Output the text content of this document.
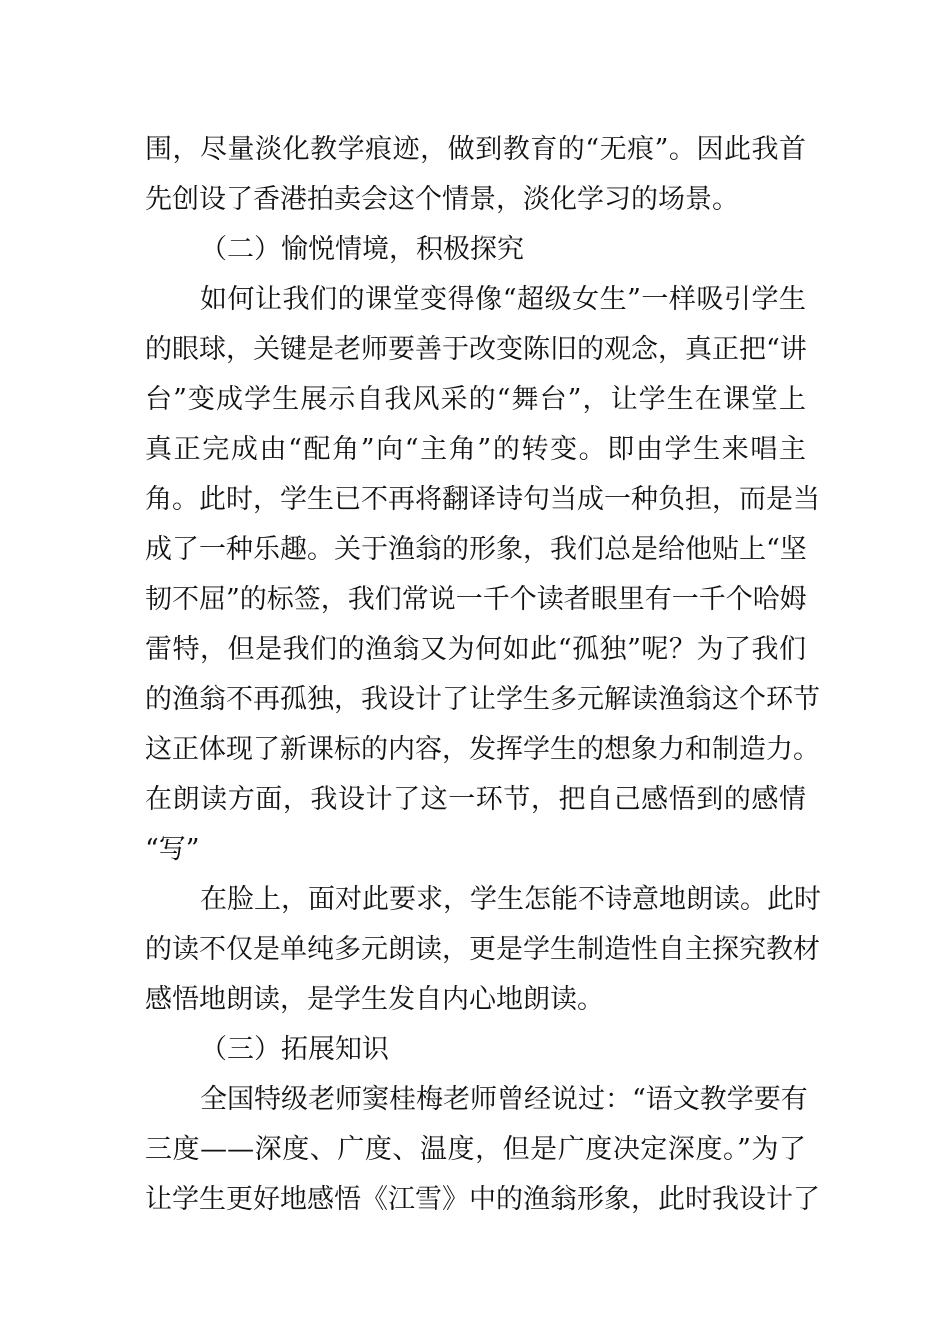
围，尽量淡化教学痕迹，做到教育的“无痕”。因此我首
先创设了香港拍卖会这个情景，淡化学习的场景。
（二）愉悦情境，积极探究
如何让我们的课堂变得像“超级女生”一样吸引学生
的眼球，关键是老师要善于改变陈旧的观念，真正把“讲
台”变成学生展示自我风采的“舞台”，让学生在课堂上
真正完成由“配角”向“主角”的转变。即由学生来唱主
角。此时，学生已不再将翻译诗句当成一种负担，而是当
成了一种乐趣。关于渔翁的形象，我们总是给他贴上“坚
韧不屈”的标签，我们常说一千个读者眼里有一千个哈姆
雷特，但是我们的渔翁又为何如此“孤独”呢？为了我们
的渔翁不再孤独，我设计了让学生多元解读渔翁这个环节
这正体现了新课标的内容，发挥学生的想象力和制造力。
在朗读方面，我设计了这一环节，把自己感悟到的感情
“写”
在脸上，面对此要求，学生怎能不诗意地朗读。此时
的读不仅是单纯多元朗读，更是学生制造性自主探究教材
感悟地朗读，是学生发自内心地朗读。
（三）拓展知识
全国特级老师窦桂梅老师曾经说过：“语文教学要有
三度——深度、广度、温度，但是广度决定深度。”为了
让学生更好地感悟《江雪》中的渔翁形象，此时我设计了
